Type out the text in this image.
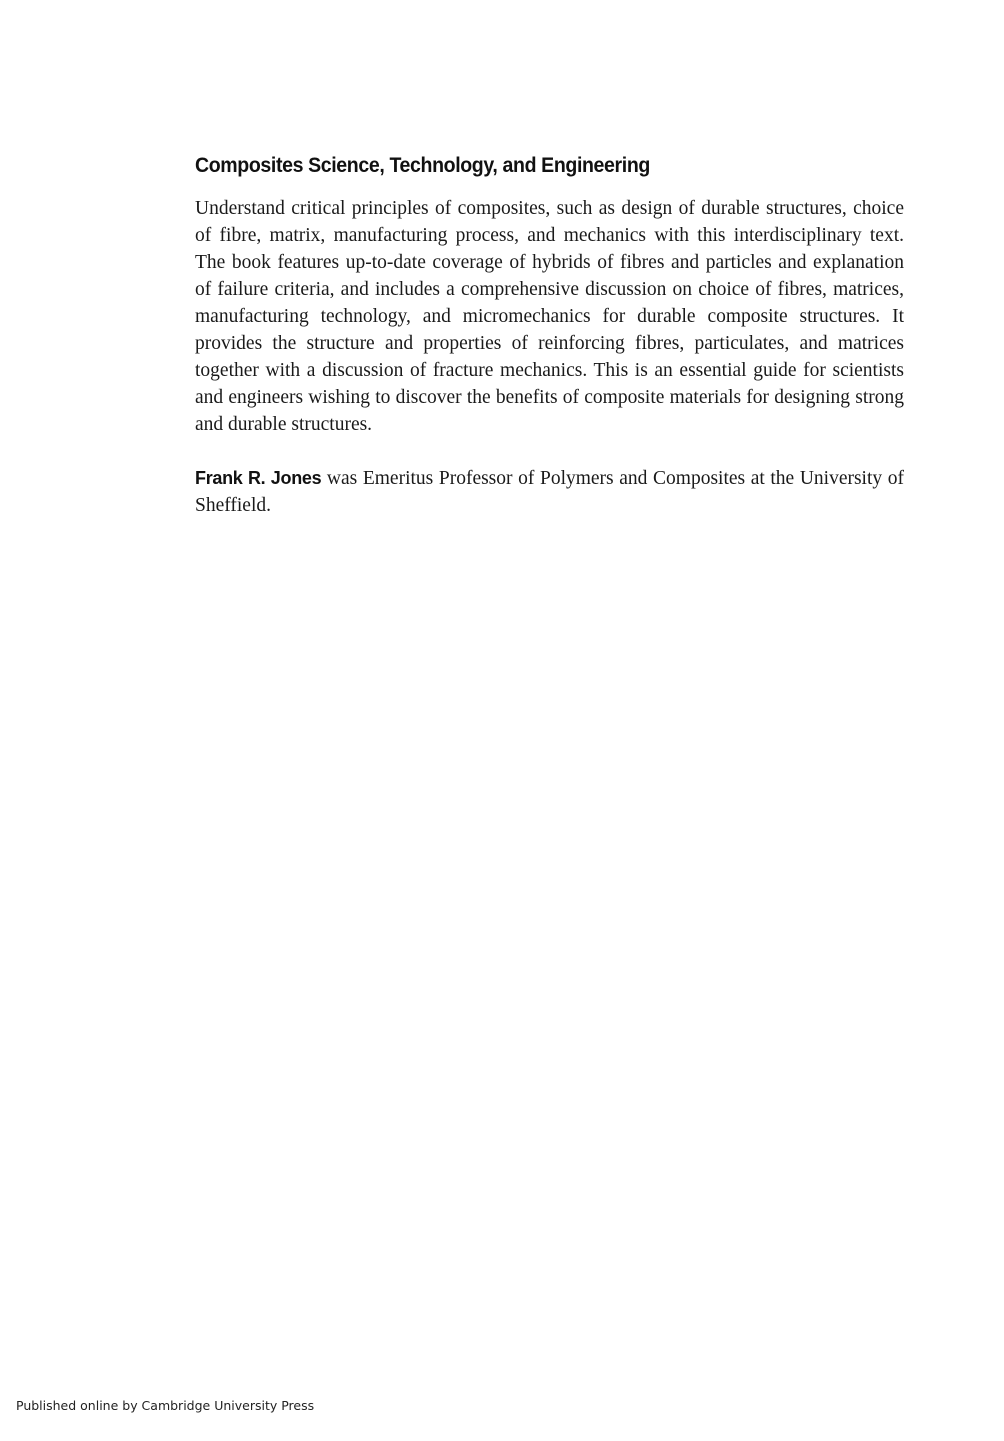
Composites Science, Technology, and Engineering

Understand critical principles of composites, such as design of durable structures, choice of fibre, matrix, manufacturing process, and mechanics with this interdisciplinary text. The book features up-to-date coverage of hybrids of fibres and particles and explanation of failure criteria, and includes a comprehensive discussion on choice of fibres, matrices, manufacturing technology, and micromechanics for durable composite structures. It provides the structure and properties of reinforcing fibres, particulates, and matrices together with a discussion of fracture mechanics. This is an essential guide for scientists and engineers wishing to discover the benefits of composite materials for designing strong and durable structures.

Frank R. Jones was Emeritus Professor of Polymers and Composites at the University of Sheffield.

Published online by Cambridge University Press
